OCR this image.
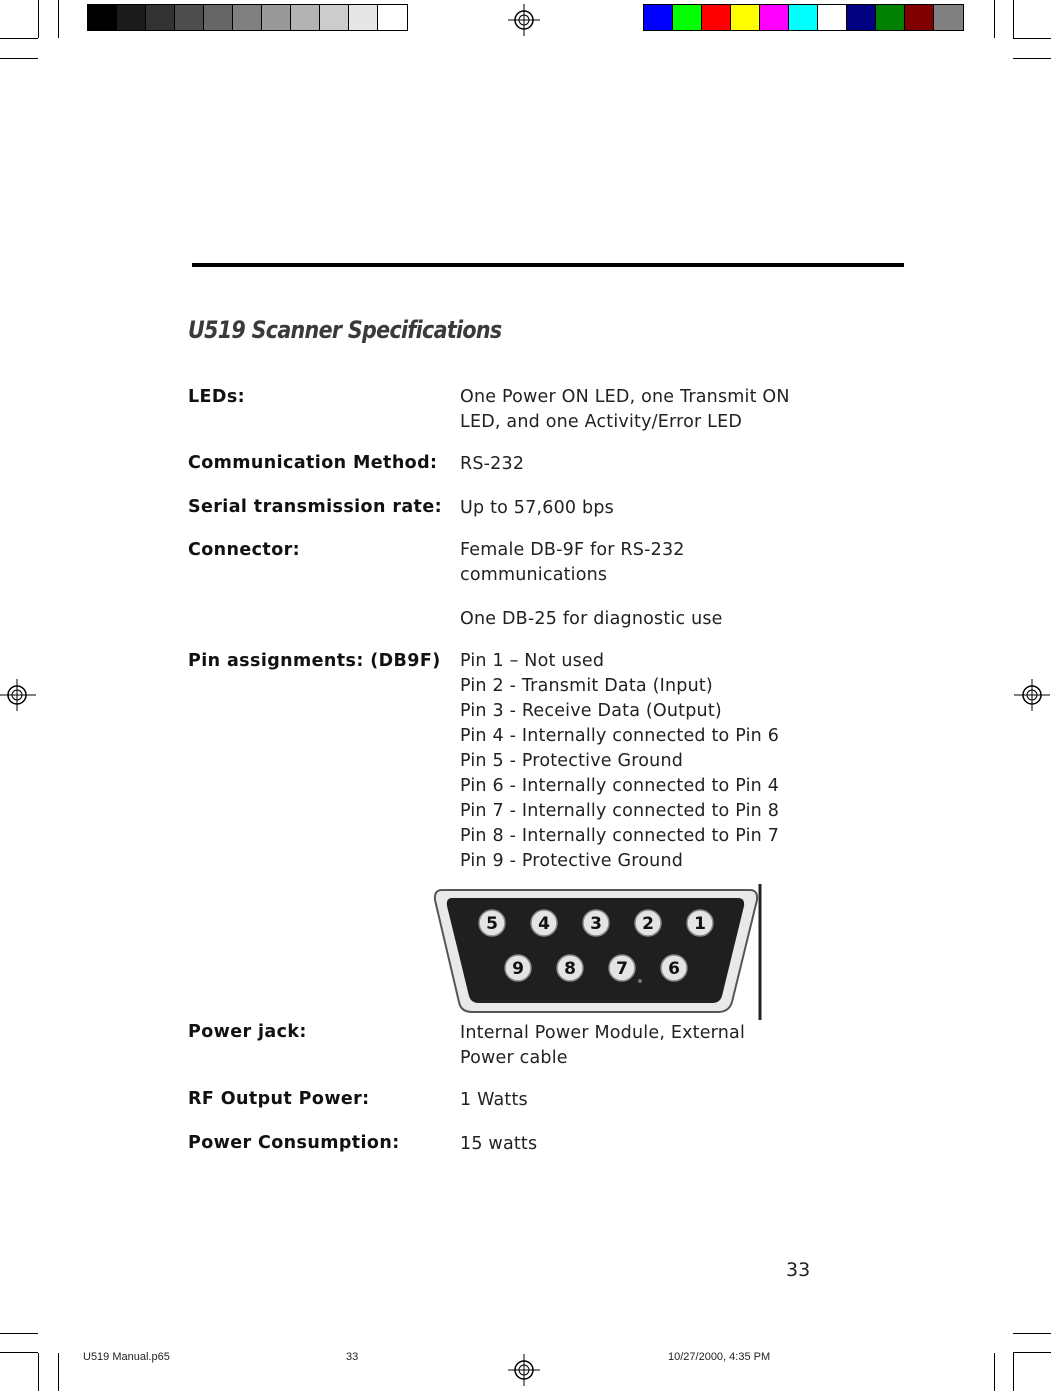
U519 Scanner Specifications
LEDs:	One Power ON LED, one Transmit ON
LED, and one Activity/Error LED
Communication Method: RS-232
Serial transmission rate: Up to 57,600 bps
Connector:	Female DB-9F for RS-232
communications
One DB-25 for diagnostic use
Pin assignments: (DB9F) Pin 1 – Not used
Pin 2 - Transmit Data (Input)
Pin 3 - Receive Data (Output)
Pin 4 - Internally connected to Pin 6
Pin 5 - Protective Ground
Pin 6 - Internally connected to Pin 4
Pin 7 - Internally connected to Pin 8
Pin 8 - Internally connected to Pin 7
Pin 9 - Protective Ground
5 4 3 2 1
9 8 7 6
Power jack:	Internal Power Module, External
Power cable
RF Output Power:	1 Watts
Power Consumption:	15 watts
33
U519 Manual.p65	33	10/27/2000, 4:35 PM
